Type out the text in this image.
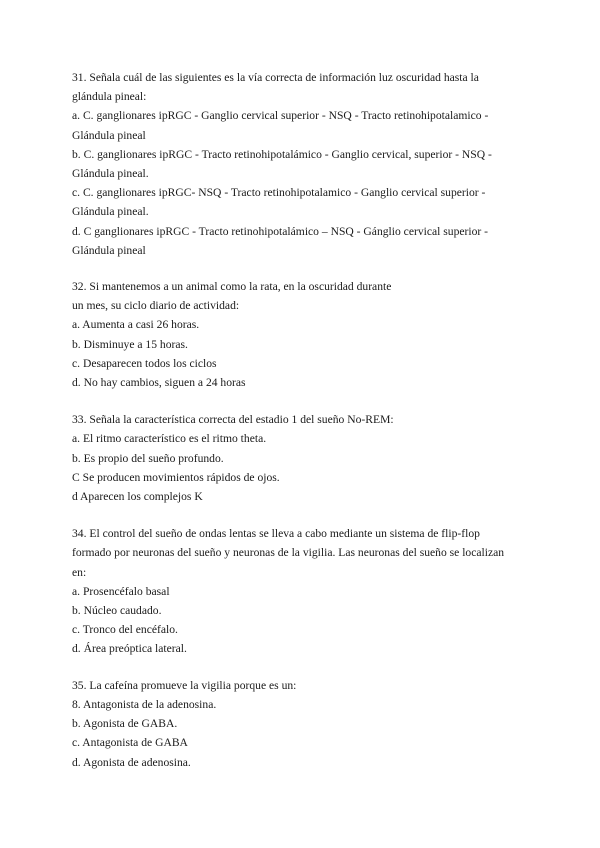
31. Señala cuál de las siguientes es la vía correcta de información luz oscuridad hasta la
glándula pineal:
a. C. ganglionares ipRGC - Ganglio cervical superior - NSQ - Tracto retinohipotalamico -
Glándula pineal
b. C. ganglionares ipRGC - Tracto retinohipotalámico - Ganglio cervical, superior - NSQ -
Glándula pineal.
c. C. ganglionares ipRGC- NSQ - Tracto retinohipotalamico - Ganglio cervical superior -
Glándula pineal.
d. C ganglionares ipRGC - Tracto retinohipotalámico – NSQ - Gánglio cervical superior -
Glándula pineal
32. Si mantenemos a un animal como la rata, en la oscuridad durante
un mes, su ciclo diario de actividad:
a. Aumenta a casi 26 horas.
b. Disminuye a 15 horas.
c. Desaparecen todos los ciclos
d. No hay cambios, siguen a 24 horas
33. Señala la característica correcta del estadio 1 del sueño No-REM:
a. El ritmo característico es el ritmo theta.
b. Es propio del sueño profundo.
C Se producen movimientos rápidos de ojos.
d Aparecen los complejos K
34. El control del sueño de ondas lentas se lleva a cabo mediante un sistema de flip-flop
formado por neuronas del sueño y neuronas de la vigilia. Las neuronas del sueño se localizan
en:
a. Prosencéfalo basal
b. Núcleo caudado.
c. Tronco del encéfalo.
d. Área preóptica lateral.
35. La cafeína promueve la vigilia porque es un:
8. Antagonista de la adenosina.
b. Agonista de GABA.
c. Antagonista de GABA
d. Agonista de adenosina.
